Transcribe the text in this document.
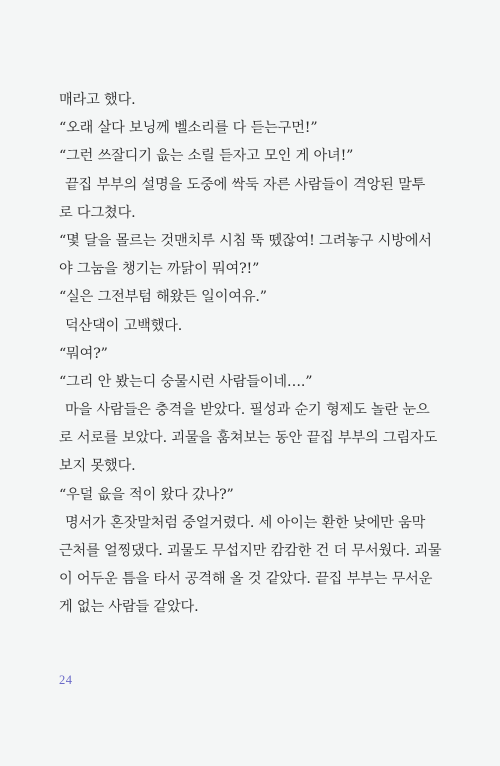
매라고 했다.
“오래 살다 보닝께 벨소리를 다 듣는구먼!”
“그런 쓰잘디기 읎는 소릴 듣자고 모인 게 아녀!”
끝집 부부의 설명을 도중에 싹둑 자른 사람들이 격앙된 말투
로 다그쳤다.
“몇 달을 몰르는 것맨치루 시침 뚝 뗐잖여! 그려놓구 시방에서
야 그눔을 챙기는 까닭이 뭐여?!”
“실은 그전부텀 해왔든 일이여유.”
덕산댁이 고백했다.
“뭐여?”
“그리 안 봤는디 숭물시런 사람들이네….”
마을 사람들은 충격을 받았다. 필성과 순기 형제도 놀란 눈으
로 서로를 보았다. 괴물을 훔쳐보는 동안 끝집 부부의 그림자도
보지 못했다.
“우덜 읎을 적이 왔다 갔나?”
명서가 혼잣말처럼 중얼거렸다. 세 아이는 환한 낮에만 움막
근처를 얼찡댔다. 괴물도 무섭지만 캄캄한 건 더 무서웠다. 괴물
이 어두운 틈을 타서 공격해 올 것 같았다. 끝집 부부는 무서운
게 없는 사람들 같았다.
24
